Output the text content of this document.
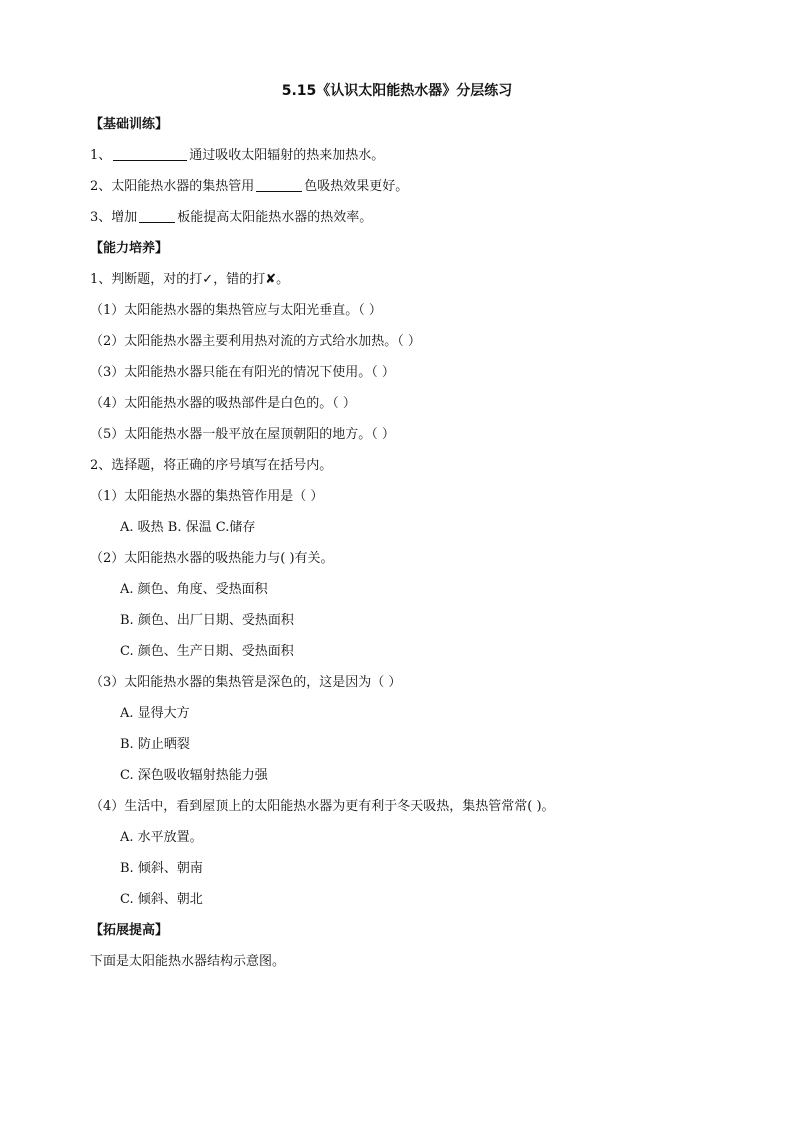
5.15《认识太阳能热水器》分层练习
【基础训练】
1、	通过吸收太阳辐射的热来加热水。
2、太阳能热水器的集热管用	色吸热效果更好。
3、增加	板能提高太阳能热水器的热效率。
【能力培养】
1、判断题，对的打✓，错的打✘。
（1）太阳能热水器的集热管应与太阳光垂直。（ ）
（2）太阳能热水器主要利用热对流的方式给水加热。（ ）
（3）太阳能热水器只能在有阳光的情况下使用。（ ）
（4）太阳能热水器的吸热部件是白色的。（ ）
（5）太阳能热水器一般平放在屋顶朝阳的地方。（ ）
2、选择题，将正确的序号填写在括号内。
（1）太阳能热水器的集热管作用是（ ）
A. 吸热 B. 保温 C.储存
（2）太阳能热水器的吸热能力与( )有关。
A. 颜色、角度、受热面积
B. 颜色、出厂日期、受热面积
C. 颜色、生产日期、受热面积
（3）太阳能热水器的集热管是深色的，这是因为（ ）
A. 显得大方
B. 防止晒裂
C. 深色吸收辐射热能力强
（4）生活中，看到屋顶上的太阳能热水器为更有利于冬天吸热，集热管常常( )。
A. 水平放置。
B. 倾斜、朝南
C. 倾斜、朝北
【拓展提高】
下面是太阳能热水器结构示意图。
